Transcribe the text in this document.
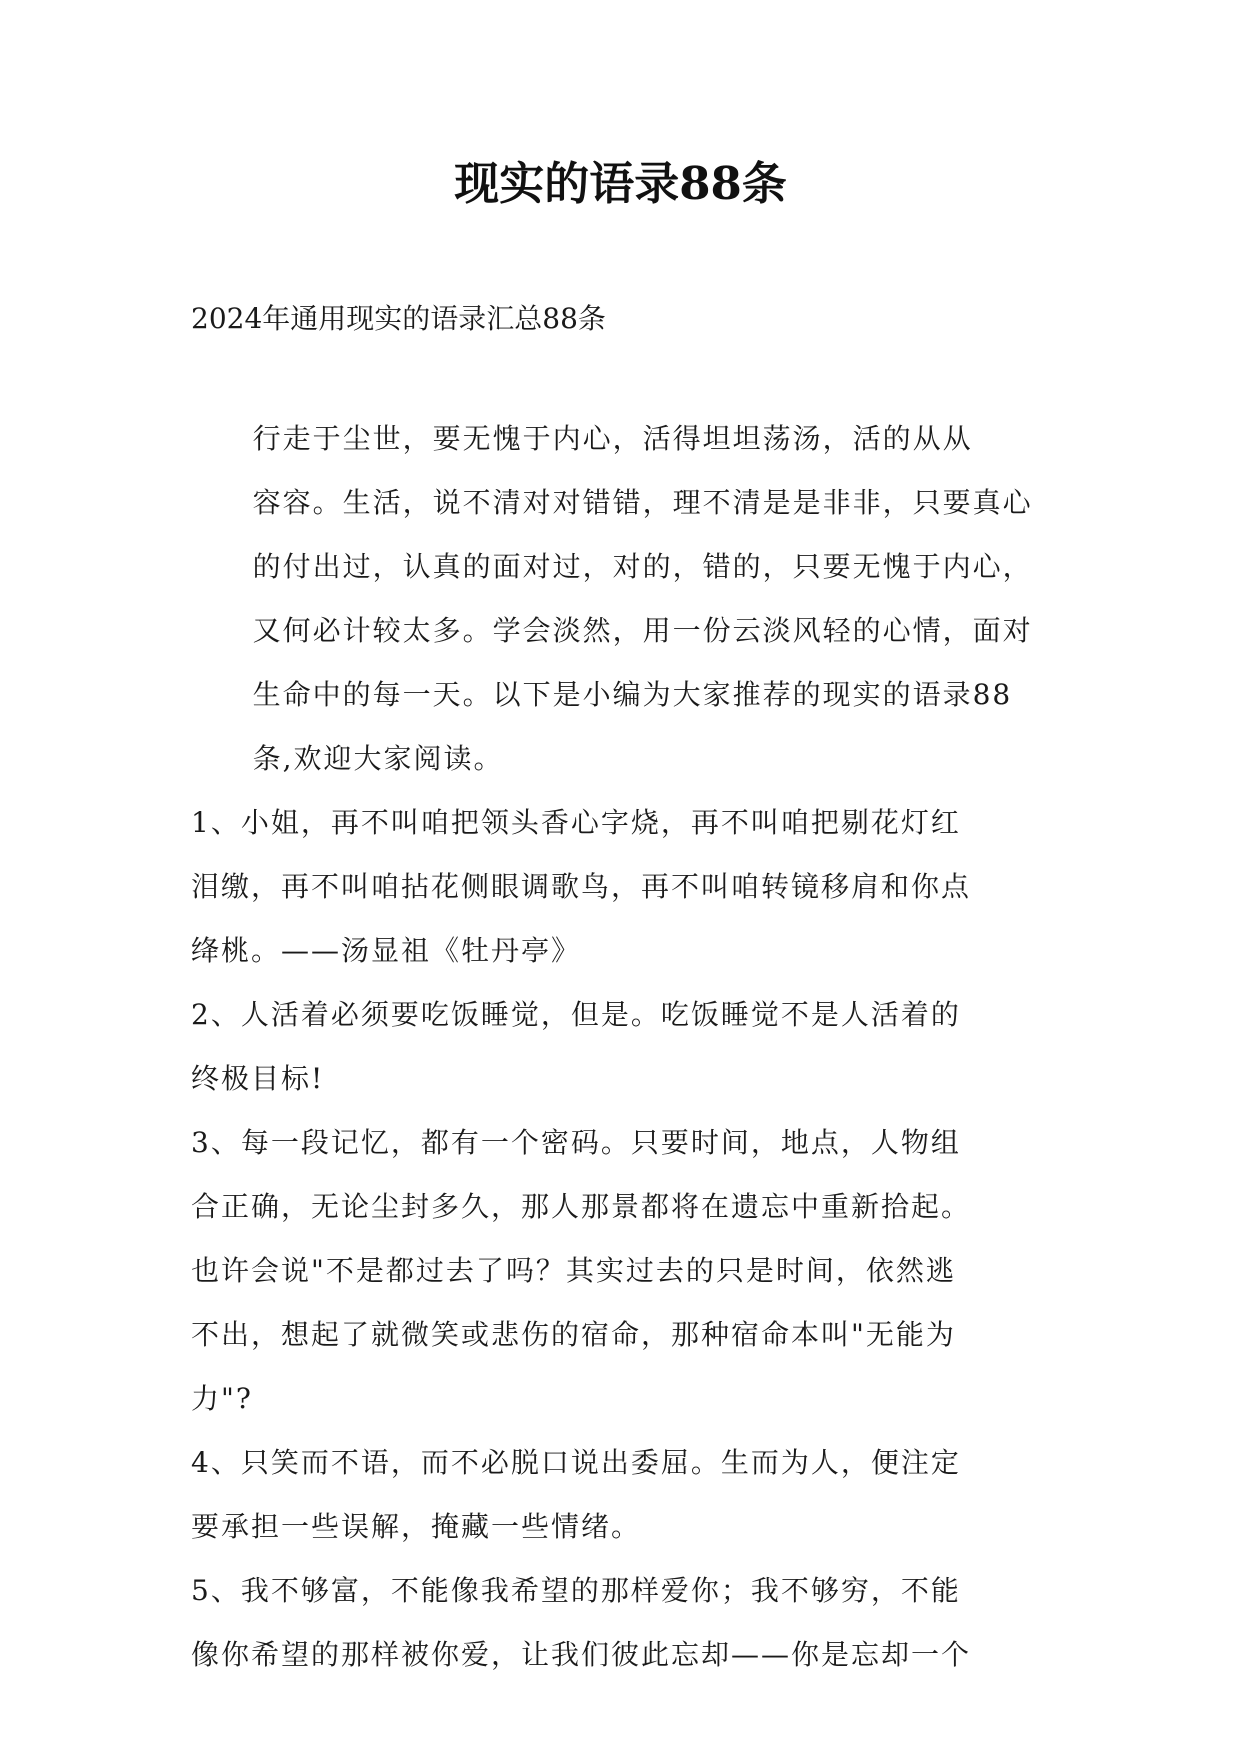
现实的语录88条

2024年通用现实的语录汇总88条

行走于尘世，要无愧于内心，活得坦坦荡汤，活的从从
容容。生活，说不清对对错错，理不清是是非非，只要真心
的付出过，认真的面对过，对的，错的，只要无愧于内心，
又何必计较太多。学会淡然，用一份云淡风轻的心情，面对
生命中的每一天。以下是小编为大家推荐的现实的语录88
条,欢迎大家阅读。

1、小姐，再不叫咱把领头香心字烧，再不叫咱把剔花灯红
泪缴，再不叫咱拈花侧眼调歌鸟，再不叫咱转镜移肩和你点
绛桃。——汤显祖《牡丹亭》

2、人活着必须要吃饭睡觉，但是。吃饭睡觉不是人活着的
终极目标!

3、每一段记忆，都有一个密码。只要时间，地点，人物组
合正确，无论尘封多久，那人那景都将在遗忘中重新拾起。
也许会说"不是都过去了吗？其实过去的只是时间，依然逃
不出，想起了就微笑或悲伤的宿命，那种宿命本叫"无能为
力"?

4、只笑而不语，而不必脱口说出委屈。生而为人，便注定
要承担一些误解，掩藏一些情绪。

5、我不够富，不能像我希望的那样爱你；我不够穷，不能
像你希望的那样被你爱，让我们彼此忘却——你是忘却一个
